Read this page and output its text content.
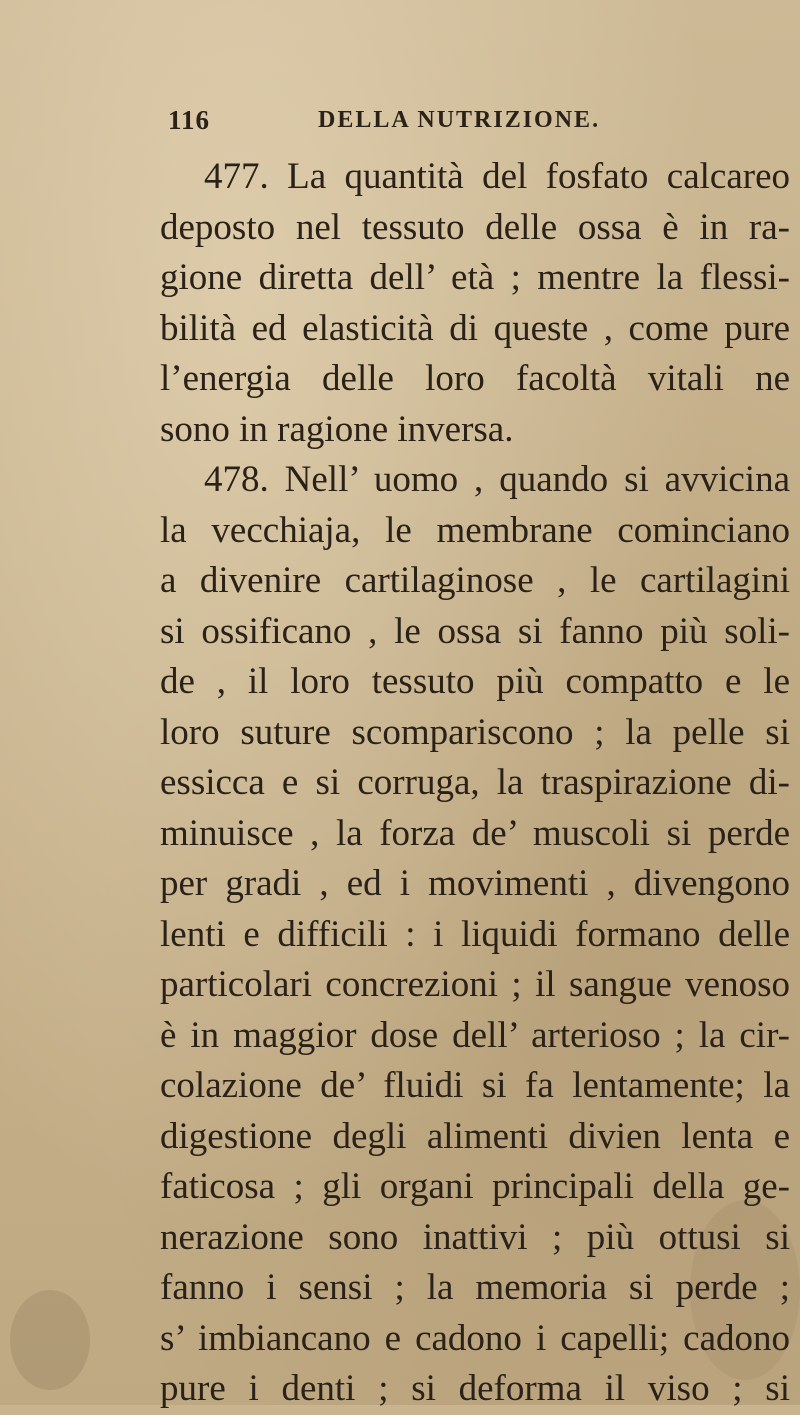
116	DELLA NUTRIZIONE.
477. La quantità del fosfato calcareo
deposto nel tessuto delle ossa è in ra-
gione diretta dell’ età ; mentre la flessi-
bilità ed elasticità di queste , come pure
l’energia delle loro facoltà vitali ne
sono in ragione inversa.
478. Nell’ uomo , quando si avvicina
la vecchiaja, le membrane cominciano
a divenire cartilaginose , le cartilagini
si ossificano , le ossa si fanno più soli-
de , il loro tessuto più compatto e le
loro suture scompariscono ; la pelle si
essicca e si corruga, la traspirazione di-
minuisce , la forza de’ muscoli si perde
per gradi , ed i movimenti , divengono
lenti e difficili : i liquidi formano delle
particolari concrezioni ; il sangue venoso
è in maggior dose dell’ arterioso ; la cir-
colazione de’ fluidi si fa lentamente; la
digestione degli alimenti divien lenta e
faticosa ; gli organi principali della ge-
nerazione sono inattivi ; più ottusi si
fanno i sensi ; la memoria si perde ;
s’ imbiancano e cadono i capelli; cadono
pure i denti ; si deforma il viso ; si
